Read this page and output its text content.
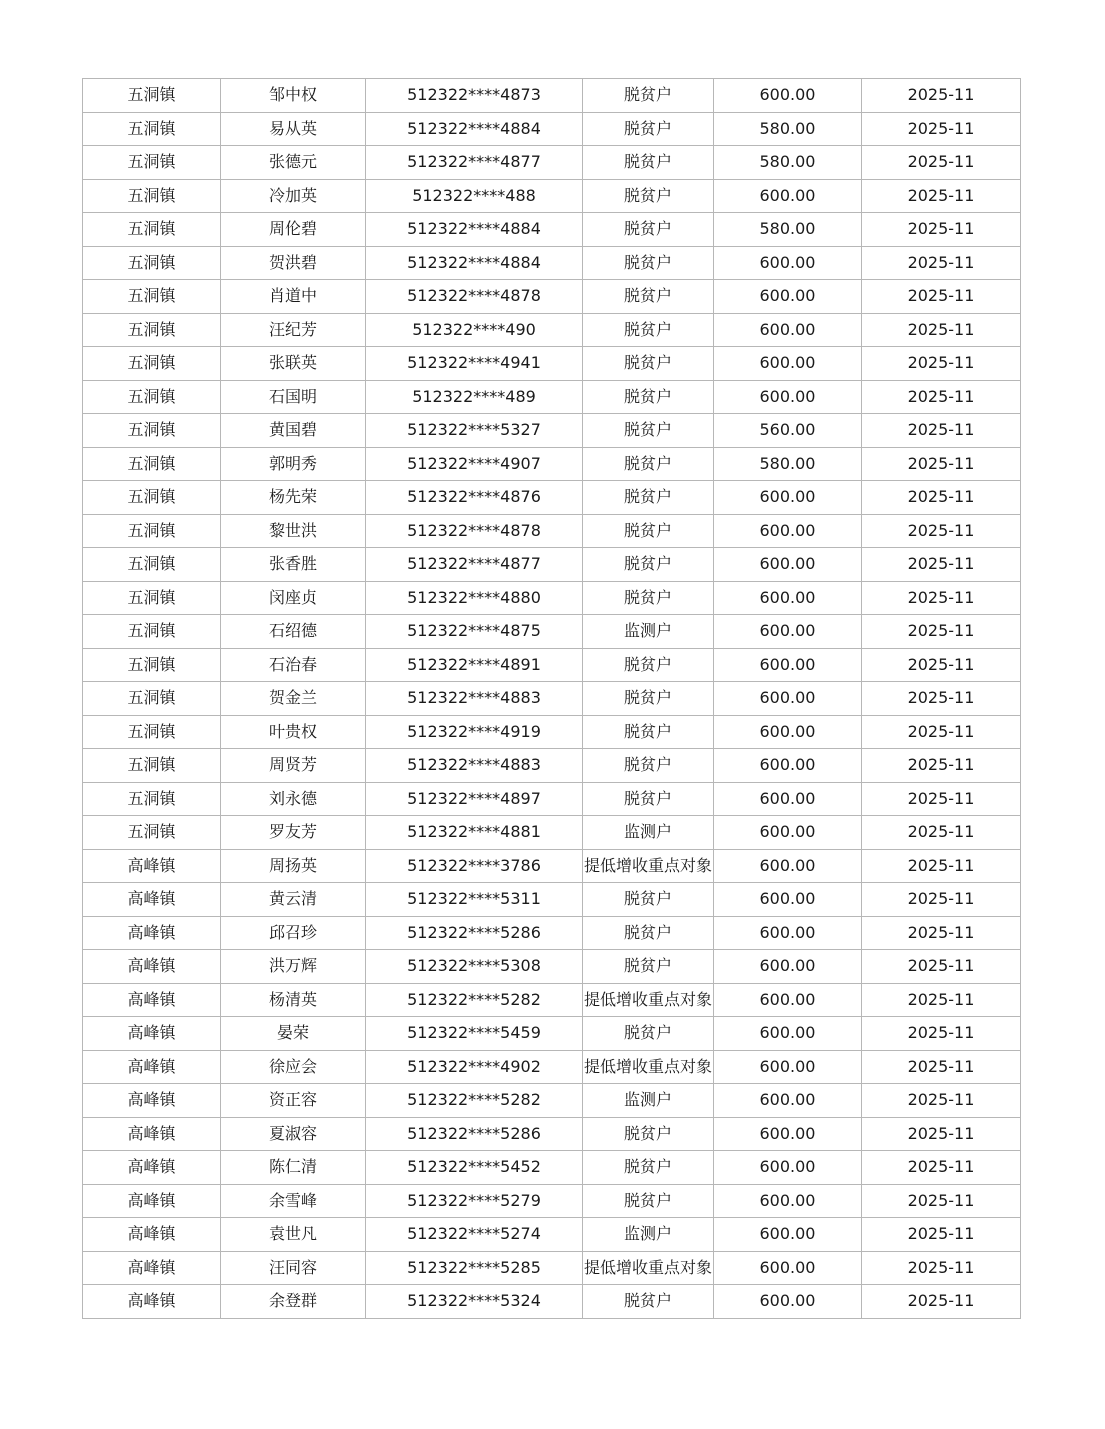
五洞镇	邹中权	512322****4873	脱贫户	600.00	2025-11
五洞镇	易从英	512322****4884	脱贫户	580.00	2025-11
五洞镇	张德元	512322****4877	脱贫户	580.00	2025-11
五洞镇	冷加英	512322****488	脱贫户	600.00	2025-11
五洞镇	周伦碧	512322****4884	脱贫户	580.00	2025-11
五洞镇	贺洪碧	512322****4884	脱贫户	600.00	2025-11
五洞镇	肖道中	512322****4878	脱贫户	600.00	2025-11
五洞镇	汪纪芳	512322****490	脱贫户	600.00	2025-11
五洞镇	张联英	512322****4941	脱贫户	600.00	2025-11
五洞镇	石国明	512322****489	脱贫户	600.00	2025-11
五洞镇	黄国碧	512322****5327	脱贫户	560.00	2025-11
五洞镇	郭明秀	512322****4907	脱贫户	580.00	2025-11
五洞镇	杨先荣	512322****4876	脱贫户	600.00	2025-11
五洞镇	黎世洪	512322****4878	脱贫户	600.00	2025-11
五洞镇	张香胜	512322****4877	脱贫户	600.00	2025-11
五洞镇	闵座贞	512322****4880	脱贫户	600.00	2025-11
五洞镇	石绍德	512322****4875	监测户	600.00	2025-11
五洞镇	石治春	512322****4891	脱贫户	600.00	2025-11
五洞镇	贺金兰	512322****4883	脱贫户	600.00	2025-11
五洞镇	叶贵权	512322****4919	脱贫户	600.00	2025-11
五洞镇	周贤芳	512322****4883	脱贫户	600.00	2025-11
五洞镇	刘永德	512322****4897	脱贫户	600.00	2025-11
五洞镇	罗友芳	512322****4881	监测户	600.00	2025-11
高峰镇	周扬英	512322****3786	提低增收重点对象	600.00	2025-11
高峰镇	黄云清	512322****5311	脱贫户	600.00	2025-11
高峰镇	邱召珍	512322****5286	脱贫户	600.00	2025-11
高峰镇	洪万辉	512322****5308	脱贫户	600.00	2025-11
高峰镇	杨清英	512322****5282	提低增收重点对象	600.00	2025-11
高峰镇	晏荣	512322****5459	脱贫户	600.00	2025-11
高峰镇	徐应会	512322****4902	提低增收重点对象	600.00	2025-11
高峰镇	资正容	512322****5282	监测户	600.00	2025-11
高峰镇	夏淑容	512322****5286	脱贫户	600.00	2025-11
高峰镇	陈仁清	512322****5452	脱贫户	600.00	2025-11
高峰镇	余雪峰	512322****5279	脱贫户	600.00	2025-11
高峰镇	袁世凡	512322****5274	监测户	600.00	2025-11
高峰镇	汪同容	512322****5285	提低增收重点对象	600.00	2025-11
高峰镇	余登群	512322****5324	脱贫户	600.00	2025-11
